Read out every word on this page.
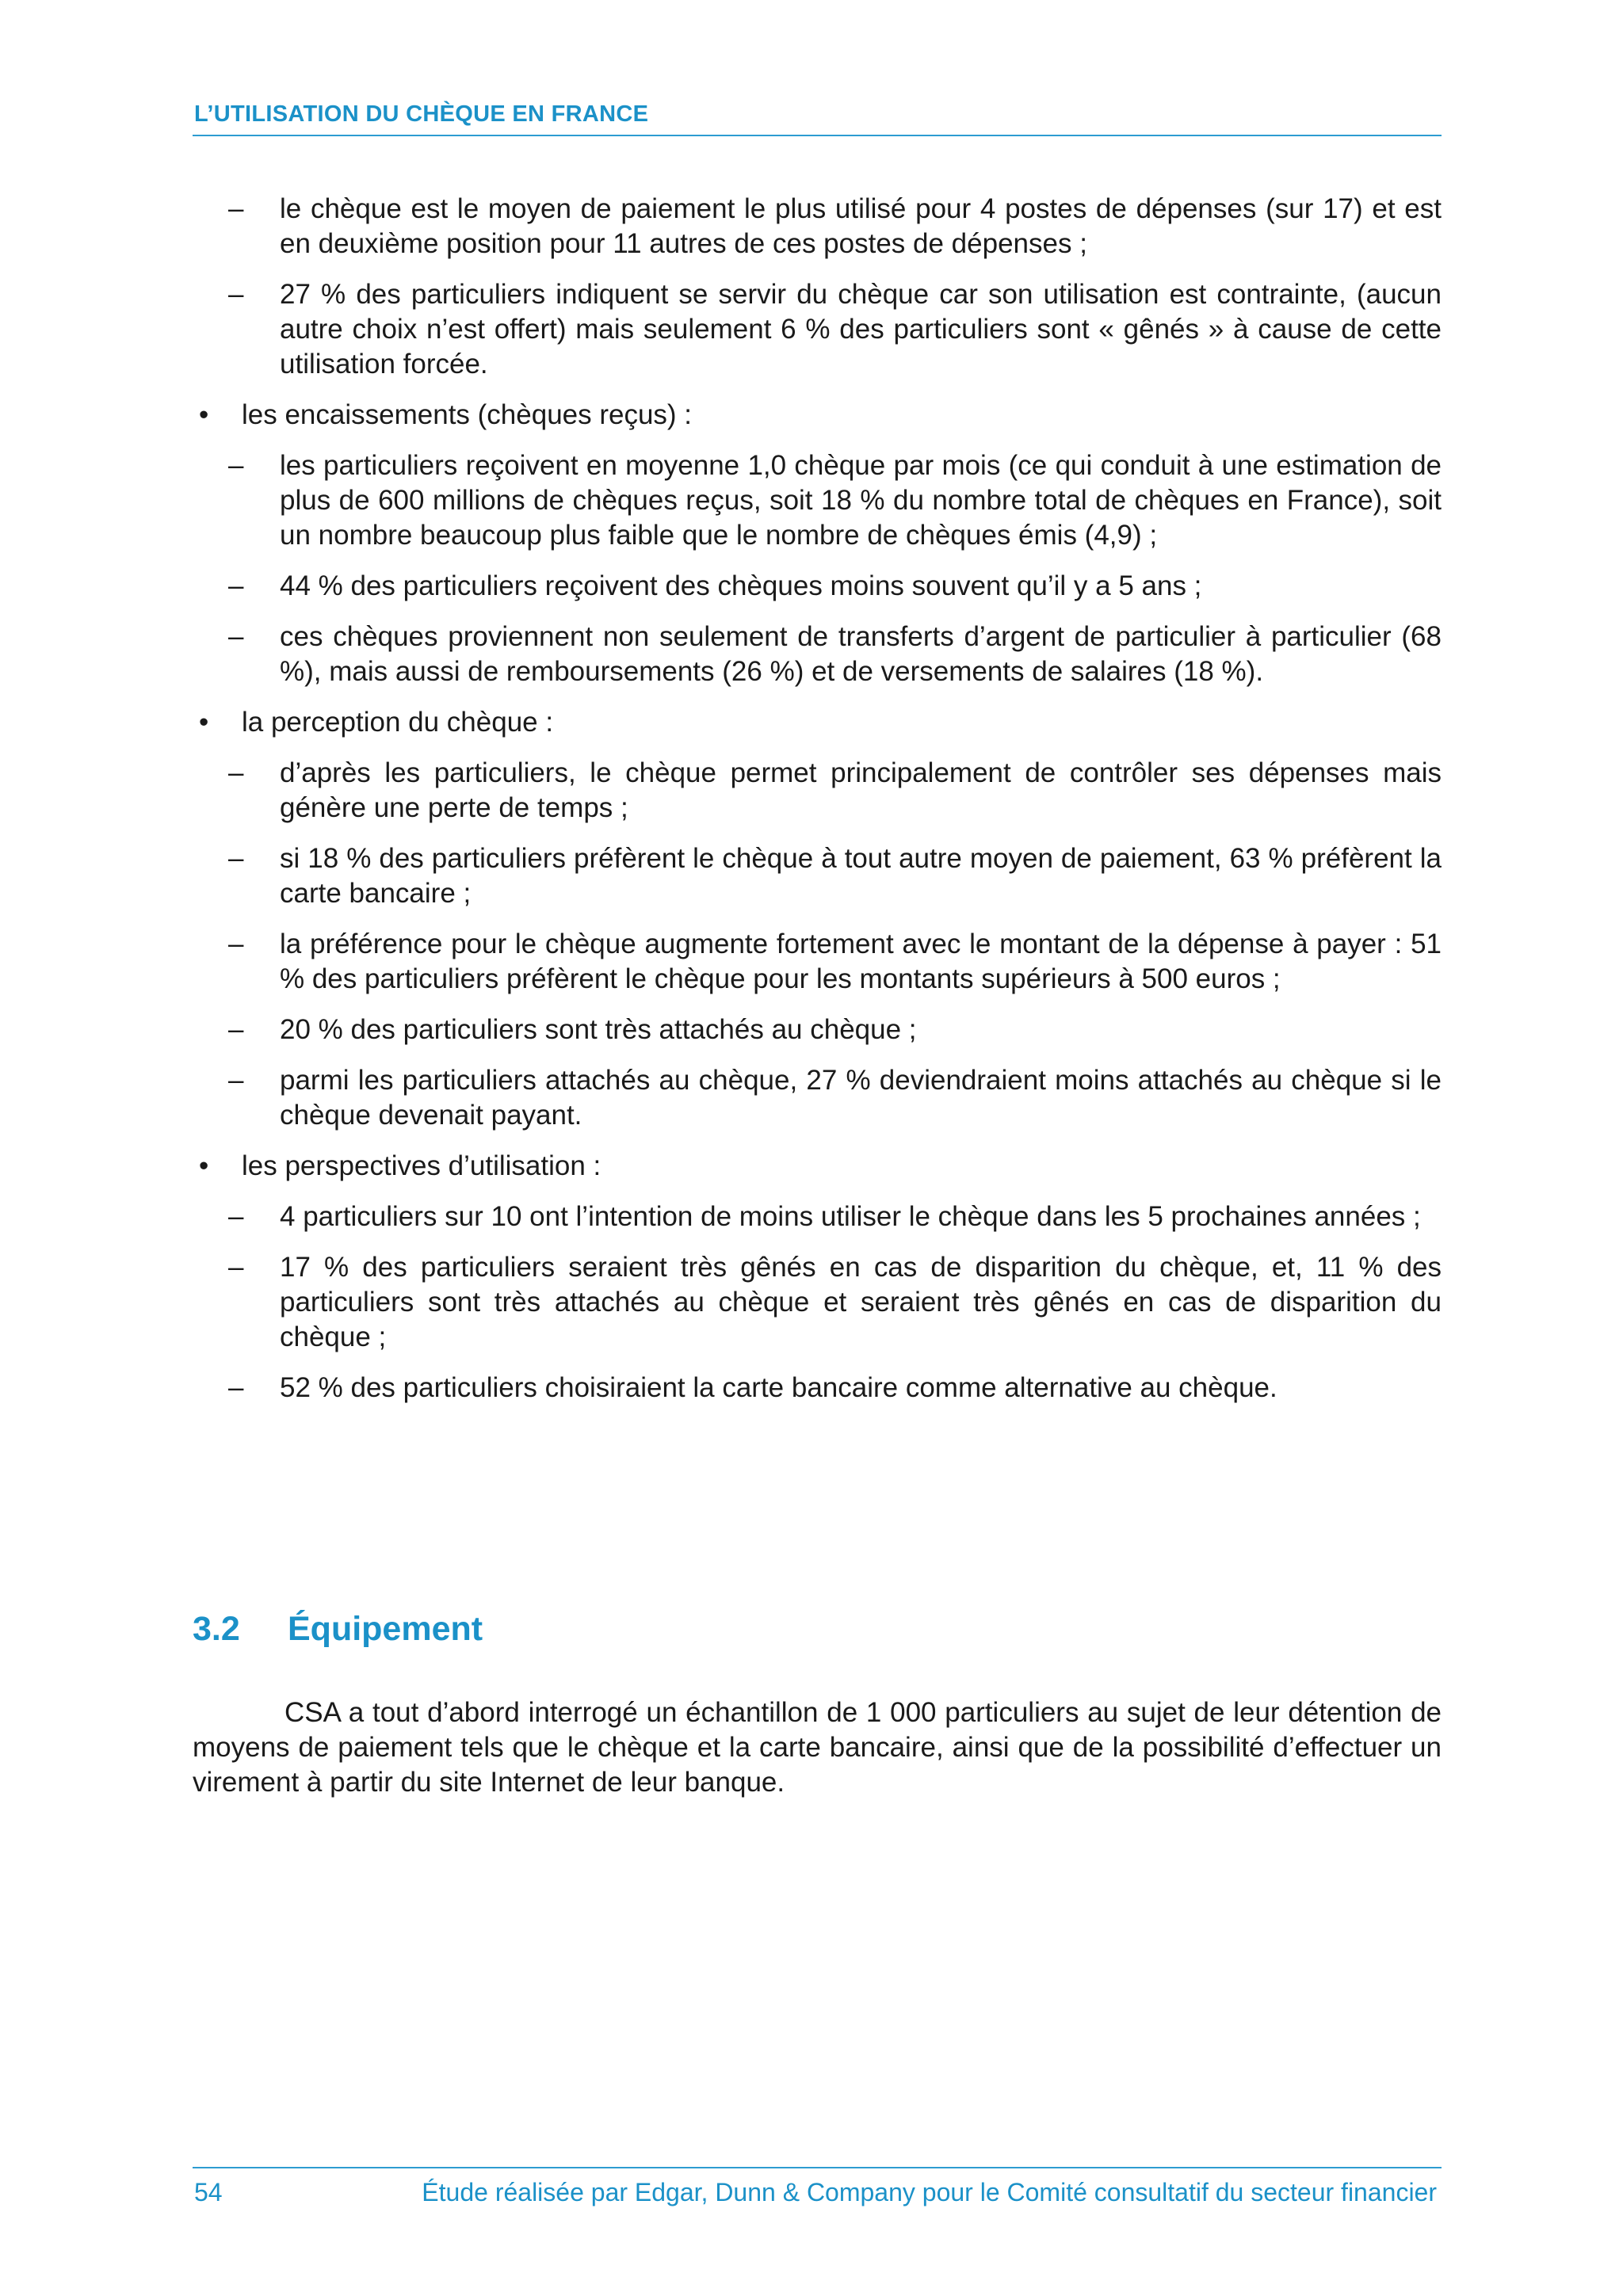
L’UTILISATION DU CHÈQUE EN FRANCE
– le chèque est le moyen de paiement le plus utilisé pour 4 postes de dépenses (sur 17) et est en deuxième position pour 11 autres de ces postes de dépenses ;
– 27 % des particuliers indiquent se servir du chèque car son utilisation est contrainte, (aucun autre choix n’est offert) mais seulement 6 % des particuliers sont « gênés » à cause de cette utilisation forcée.
• les encaissements (chèques reçus) :
– les particuliers reçoivent en moyenne 1,0 chèque par mois (ce qui conduit à une estimation de plus de 600 millions de chèques reçus, soit 18 % du nombre total de chèques en France), soit un nombre beaucoup plus faible que le nombre de chèques émis (4,9) ;
– 44 % des particuliers reçoivent des chèques moins souvent qu’il y a 5 ans ;
– ces chèques proviennent non seulement de transferts d’argent de particulier à particulier (68 %), mais aussi de remboursements (26 %) et de versements de salaires (18 %).
• la perception du chèque :
– d’après les particuliers, le chèque permet principalement de contrôler ses dépenses mais génère une perte de temps ;
– si 18 % des particuliers préfèrent le chèque à tout autre moyen de paiement, 63 % préfèrent la carte bancaire ;
– la préférence pour le chèque augmente fortement avec le montant de la dépense à payer : 51 % des particuliers préfèrent le chèque pour les montants supérieurs à 500 euros ;
– 20 % des particuliers sont très attachés au chèque ;
– parmi les particuliers attachés au chèque, 27 % deviendraient moins attachés au chèque si le chèque devenait payant.
• les perspectives d’utilisation :
– 4 particuliers sur 10 ont l’intention de moins utiliser le chèque dans les 5 prochaines années ;
– 17 % des particuliers seraient très gênés en cas de disparition du chèque, et, 11 % des particuliers sont très attachés au chèque et seraient très gênés en cas de disparition du chèque ;
– 52 % des particuliers choisiraient la carte bancaire comme alternative au chèque.
3.2 Équipement
CSA a tout d’abord interrogé un échantillon de 1 000 particuliers au sujet de leur détention de moyens de paiement tels que le chèque et la carte bancaire, ainsi que de la possibilité d’effectuer un virement à partir du site Internet de leur banque.
54	Étude réalisée par Edgar, Dunn & Company pour le Comité consultatif du secteur financier
